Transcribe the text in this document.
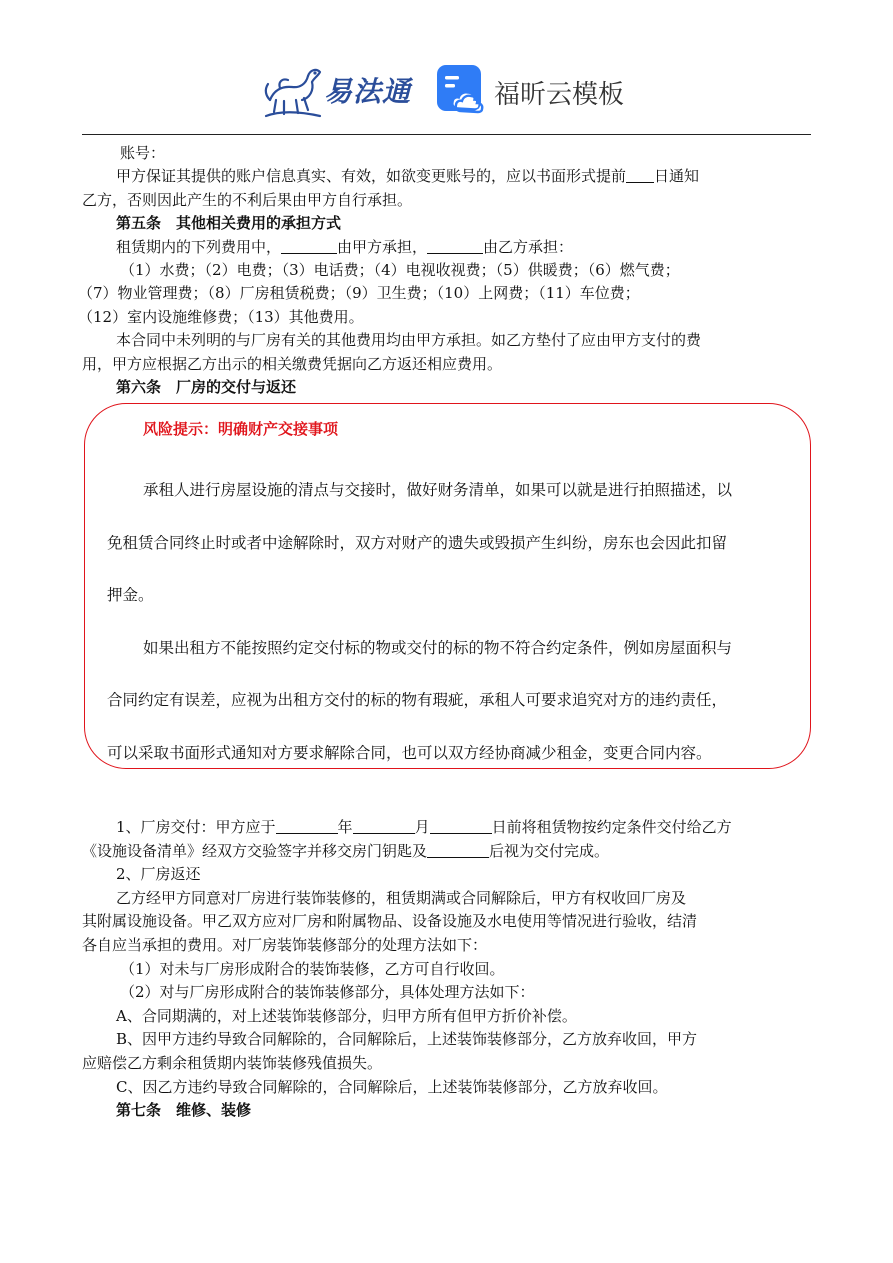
易法通	福昕云模板

账号：

甲方保证其提供的账户信息真实、有效，如欲变更账号的，应以书面形式提前 日通知

乙方，否则因此产生的不利后果由甲方自行承担。

第五条　其他相关费用的承担方式

租赁期内的下列费用中，	由甲方承担，	由乙方承担：

（1）水费；（2）电费；（3）电话费；（4）电视收视费；（5）供暖费；（6）燃气费；

（7）物业管理费；（8）厂房租赁税费；（9）卫生费；（10）上网费；（11）车位费；

（12）室内设施维修费；（13）其他费用。

本合同中未列明的与厂房有关的其他费用均由甲方承担。如乙方垫付了应由甲方支付的费

用，甲方应根据乙方出示的相关缴费凭据向乙方返还相应费用。

第六条　厂房的交付与返还

风险提示：明确财产交接事项

承租人进行房屋设施的清点与交接时，做好财务清单，如果可以就是进行拍照描述，以

免租赁合同终止时或者中途解除时，双方对财产的遗失或毁损产生纠纷，房东也会因此扣留

押金。

如果出租方不能按照约定交付标的物或交付的标的物不符合约定条件，例如房屋面积与

合同约定有误差，应视为出租方交付的标的物有瑕疵，承租人可要求追究对方的违约责任，

可以采取书面形式通知对方要求解除合同，也可以双方经协商减少租金，变更合同内容。

1、厂房交付：甲方应于	年	月	日前将租赁物按约定条件交付给乙方

《设施设备清单》经双方交验签字并移交房门钥匙及	后视为交付完成。

2、厂房返还

乙方经甲方同意对厂房进行装饰装修的，租赁期满或合同解除后，甲方有权收回厂房及

其附属设施设备。甲乙双方应对厂房和附属物品、设备设施及水电使用等情况进行验收，结清

各自应当承担的费用。对厂房装饰装修部分的处理方法如下：

（1）对未与厂房形成附合的装饰装修，乙方可自行收回。

（2）对与厂房形成附合的装饰装修部分，具体处理方法如下：

A、合同期满的，对上述装饰装修部分，归甲方所有但甲方折价补偿。

B、因甲方违约导致合同解除的，合同解除后，上述装饰装修部分，乙方放弃收回，甲方

应赔偿乙方剩余租赁期内装饰装修残值损失。

C、因乙方违约导致合同解除的，合同解除后，上述装饰装修部分，乙方放弃收回。

第七条　维修、装修
